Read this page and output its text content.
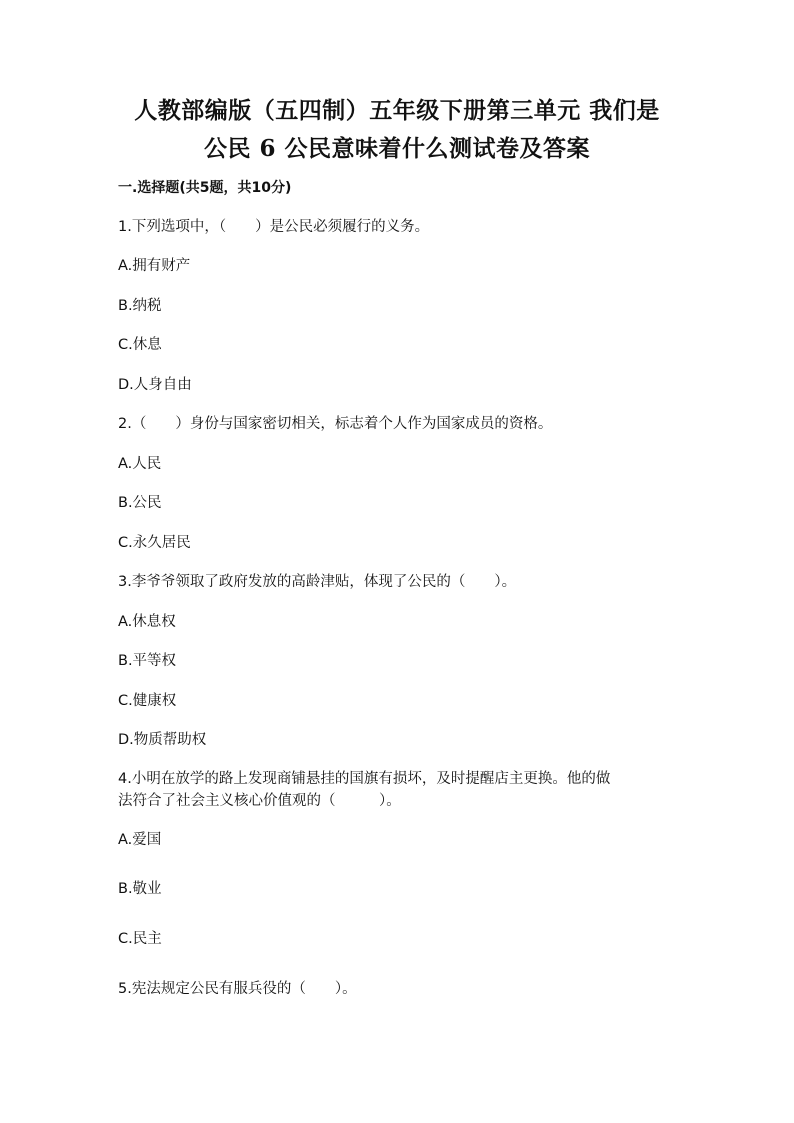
人教部编版（五四制）五年级下册第三单元 我们是
公民 6 公民意味着什么测试卷及答案

一.选择题(共5题，共10分)

1.下列选项中，（　　）是公民必须履行的义务。

A.拥有财产

B.纳税

C.休息

D.人身自由

2.（　　）身份与国家密切相关，标志着个人作为国家成员的资格。

A.人民

B.公民

C.永久居民

3.李爷爷领取了政府发放的高龄津贴，体现了公民的（　　）。

A.休息权

B.平等权

C.健康权

D.物质帮助权

4.小明在放学的路上发现商铺悬挂的国旗有损坏，及时提醒店主更换。他的做

法符合了社会主义核心价值观的（　　　）。

A.爱国

B.敬业

C.民主

5.宪法规定公民有服兵役的（　　）。
